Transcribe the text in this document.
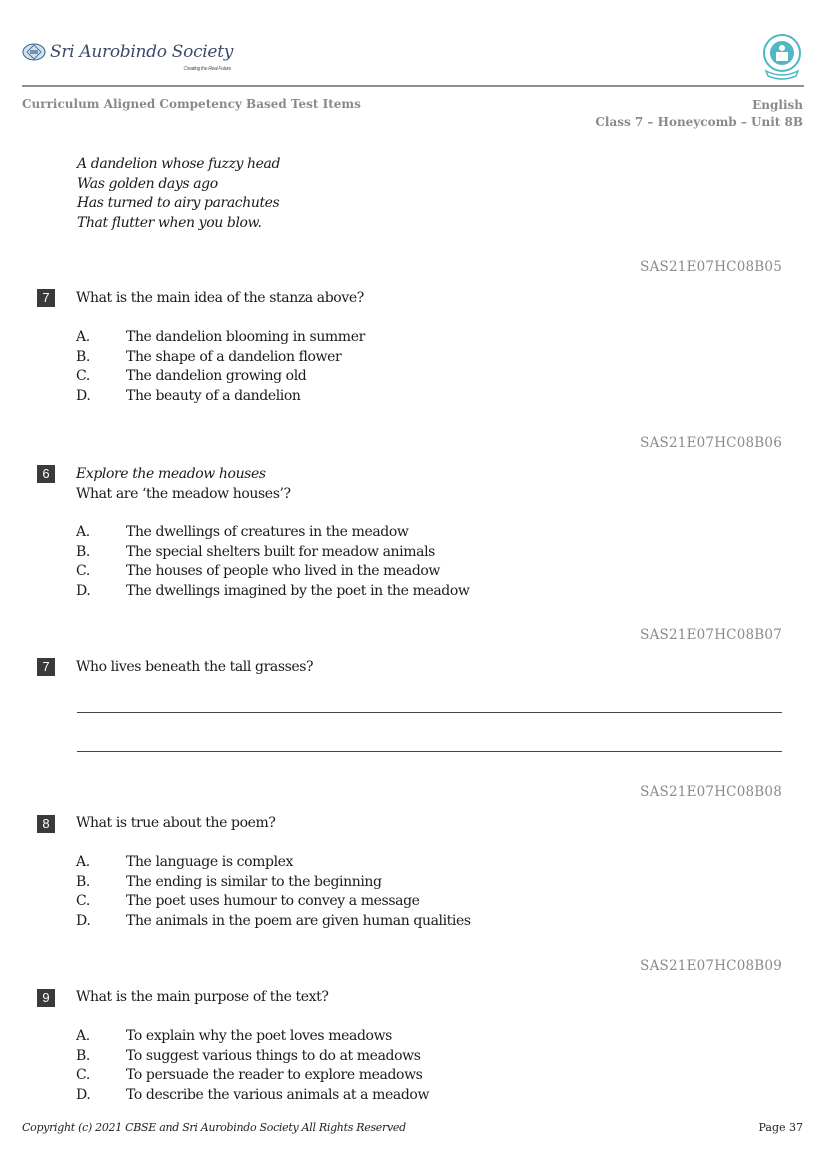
Sri Aurobindo Society
Creating the Real Future
Curriculum Aligned Competency Based Test Items	English
Class 7 – Honeycomb – Unit 8B
A dandelion whose fuzzy head
Was golden days ago
Has turned to airy parachutes
That flutter when you blow.
SAS21E07HC08B05
7	What is the main idea of the stanza above?
A.	The dandelion blooming in summer
B.	The shape of a dandelion flower
C.	The dandelion growing old
D.	The beauty of a dandelion
SAS21E07HC08B06
6	Explore the meadow houses
What are ‘the meadow houses’?
A.	The dwellings of creatures in the meadow
B.	The special shelters built for meadow animals
C.	The houses of people who lived in the meadow
D.	The dwellings imagined by the poet in the meadow
SAS21E07HC08B07
7	Who lives beneath the tall grasses?
SAS21E07HC08B08
8	What is true about the poem?
A.	The language is complex
B.	The ending is similar to the beginning
C.	The poet uses humour to convey a message
D.	The animals in the poem are given human qualities
SAS21E07HC08B09
9	What is the main purpose of the text?
A.	To explain why the poet loves meadows
B.	To suggest various things to do at meadows
C.	To persuade the reader to explore meadows
D.	To describe the various animals at a meadow
Copyright (c) 2021 CBSE and Sri Aurobindo Society All Rights Reserved	Page 37
